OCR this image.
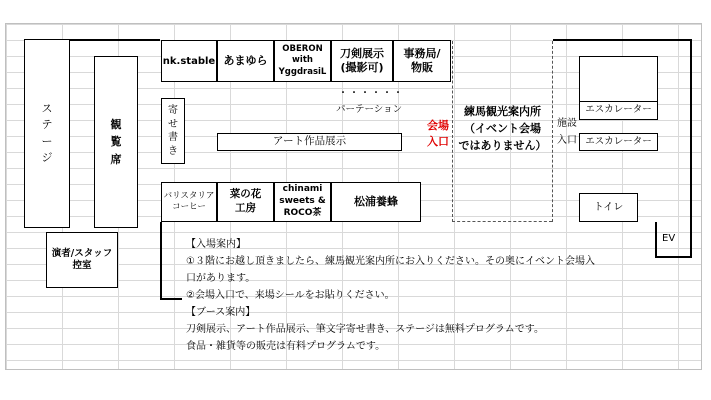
ス
テ
ー
ジ
観
覧
席
演者/スタッフ
控室
nk.stable あまゆら
OBERON
with
YggdrasiL
刀剣展示
(撮影可)
事務局/
物販
寄
せ
書
き
・・・・・・
パーテーション
アート作品展示
会場
入口
バリスタリア
コーヒー
菜の花
工房
chinami
sweets &
ROCO茶
松浦養蜂
練馬観光案内所
（イベント会場
ではありません）
施設
入口
エスカレーター
エスカレーター
トイレ
EV
【入場案内】
①３階にお越し頂きましたら、練馬観光案内所にお入りください。その奥にイベント会場入
口があります。
②会場入口で、来場シールをお貼りください。
【ブース案内】
刀剣展示、アート作品展示、筆文字寄せ書き、ステージは無料プログラムです。
食品・雑貨等の販売は有料プログラムです。
